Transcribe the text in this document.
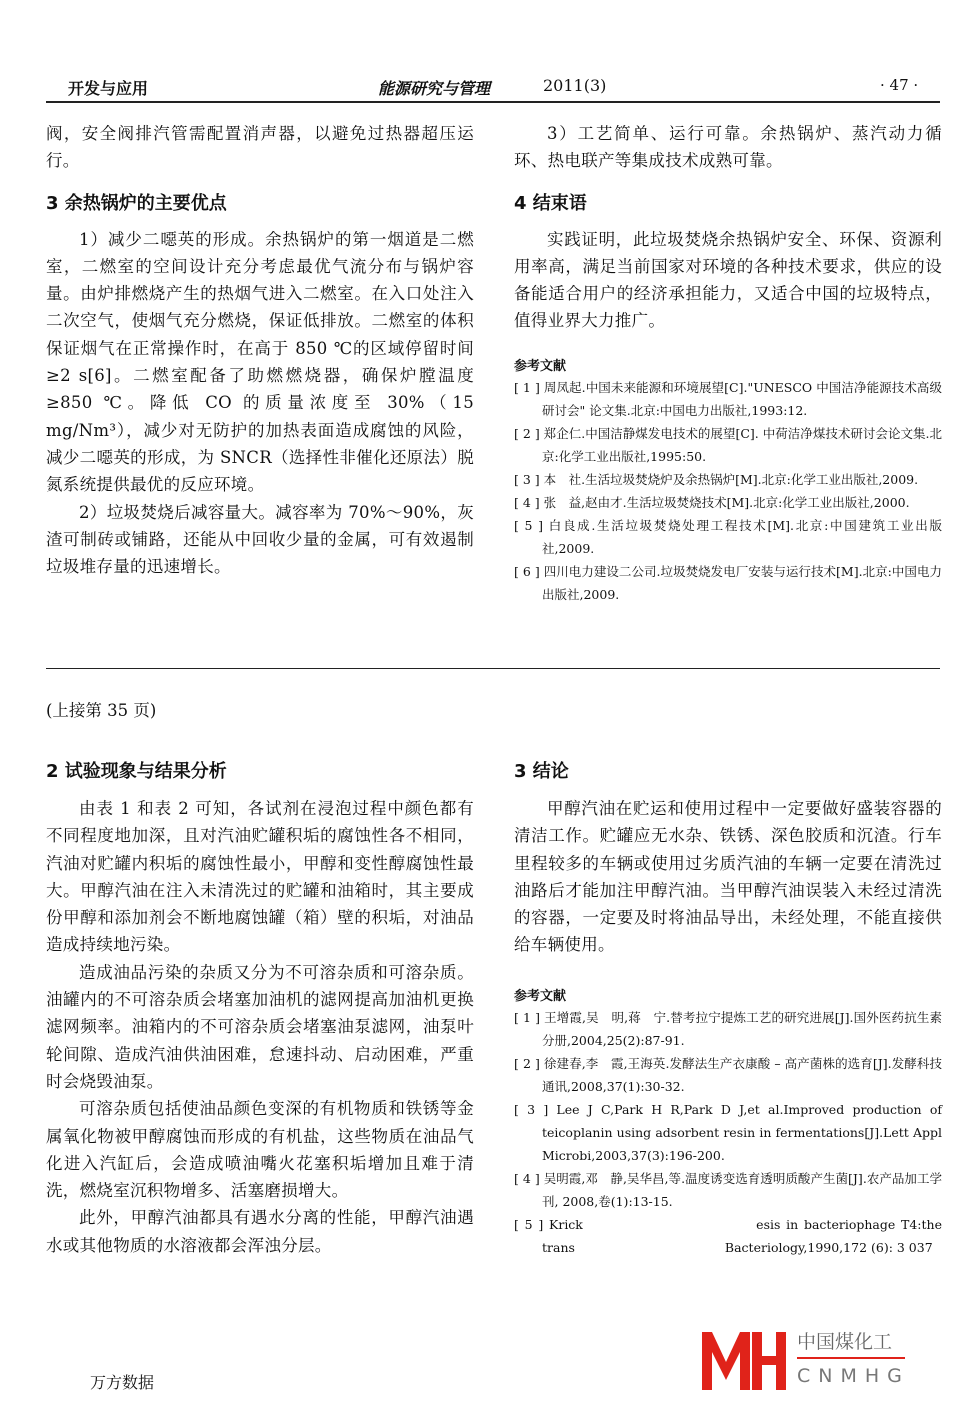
开发与应用	能源研究与管理	2011(3)	· 47 ·

阀，安全阀排汽管需配置消声器，以避免过热器超压运行。

3 余热锅炉的主要优点

1）减少二噁英的形成。余热锅炉的第一烟道是二燃室，二燃室的空间设计充分考虑最优气流分布与锅炉容量。由炉排燃烧产生的热烟气进入二燃室。在入口处注入二次空气，使烟气充分燃烧，保证低排放。二燃室的体积保证烟气在正常操作时，在高于 850 ℃的区域停留时间≥2 s[6]。二燃室配备了助燃燃烧器，确保炉膛温度≥850 ℃。降低 CO 的质量浓度至 30%（15 mg/Nm³），减少对无防护的加热表面造成腐蚀的风险，减少二噁英的形成，为 SNCR（选择性非催化还原法）脱氮系统提供最优的反应环境。

2）垃圾焚烧后减容量大。减容率为 70%～90%，灰渣可制砖或铺路，还能从中回收少量的金属，可有效遏制垃圾堆存量的迅速增长。

3）工艺简单、运行可靠。余热锅炉、蒸汽动力循环、热电联产等集成技术成熟可靠。

4 结束语

实践证明，此垃圾焚烧余热锅炉安全、环保、资源利用率高，满足当前国家对环境的各种技术要求，供应的设备能适合用户的经济承担能力，又适合中国的垃圾特点，值得业界大力推广。

参考文献

[ 1 ] 周凤起.中国未来能源和环境展望[C]."UNESCO 中国洁净能源技术高级研讨会" 论文集.北京:中国电力出版社,1993:12.

[ 2 ] 郑企仁.中国洁静煤发电技术的展望[C]. 中荷洁净煤技术研讨会论文集.北京:化学工业出版社,1995:50.

[ 3 ] 本　社.生活垃圾焚烧炉及余热锅炉[M].北京:化学工业出版社,2009.

[ 4 ] 张　益,赵由才.生活垃圾焚烧技术[M].北京:化学工业出版社,2000.

[ 5 ] 白良成.生活垃圾焚烧处理工程技术[M].北京:中国建筑工业出版社,2009.

[ 6 ] 四川电力建设二公司.垃圾焚烧发电厂安装与运行技术[M].北京:中国电力出版社,2009.

(上接第 35 页)

2 试验现象与结果分析

由表 1 和表 2 可知，各试剂在浸泡过程中颜色都有不同程度地加深，且对汽油贮罐积垢的腐蚀性各不相同，汽油对贮罐内积垢的腐蚀性最小，甲醇和变性醇腐蚀性最大。甲醇汽油在注入未清洗过的贮罐和油箱时，其主要成份甲醇和添加剂会不断地腐蚀罐（箱）壁的积垢，对油品造成持续地污染。

造成油品污染的杂质又分为不可溶杂质和可溶杂质。油罐内的不可溶杂质会堵塞加油机的滤网提高加油机更换滤网频率。油箱内的不可溶杂质会堵塞油泵滤网，油泵叶轮间隙、造成汽油供油困难，怠速抖动、启动困难，严重时会烧毁油泵。

可溶杂质包括使油品颜色变深的有机物质和铁锈等金属氧化物被甲醇腐蚀而形成的有机盐，这些物质在油品气化进入汽缸后，会造成喷油嘴火花塞积垢增加且难于清洗，燃烧室沉积物增多、活塞磨损增大。

此外，甲醇汽油都具有遇水分离的性能，甲醇汽油遇水或其他物质的水溶液都会浑浊分层。

3 结论

甲醇汽油在贮运和使用过程中一定要做好盛装容器的清洁工作。贮罐应无水杂、铁锈、深色胶质和沉渣。行车里程较多的车辆或使用过劣质汽油的车辆一定要在清洗过油路后才能加注甲醇汽油。当甲醇汽油误装入未经过清洗的容器，一定要及时将油品导出，未经处理，不能直接供给车辆使用。

参考文献

[ 1 ] 王增霞,吴　明,蒋　宁.替考拉宁提炼工艺的研究进展[J].国外医药抗生素分册,2004,25(2):87-91.

[ 2 ] 徐建春,李　霞,王海英.发酵法生产衣康酸 – 高产菌株的选育[J].发酵科技通讯,2008,37(1):30-32.

[ 3 ] Lee J C,Park H R,Park D J,et al.Improved production of teicoplanin using adsorbent resin in fermentations[J].Lett Appl Microbi,2003,37(3):196-200.

[ 4 ] 吴明霞,邓　静,吴华昌,等.温度诱变选育透明质酸产生菌[J].农产品加工学刊, 2008,卷(1):13-15.

[ 5 ] Krick　　　　　　　　　　　　esis in bacteriophage T4:the trans　　　　　　　　　　　　Bacteriology,1990,172 (6): 3 037

中国煤化工
CNMHG
万方数据
